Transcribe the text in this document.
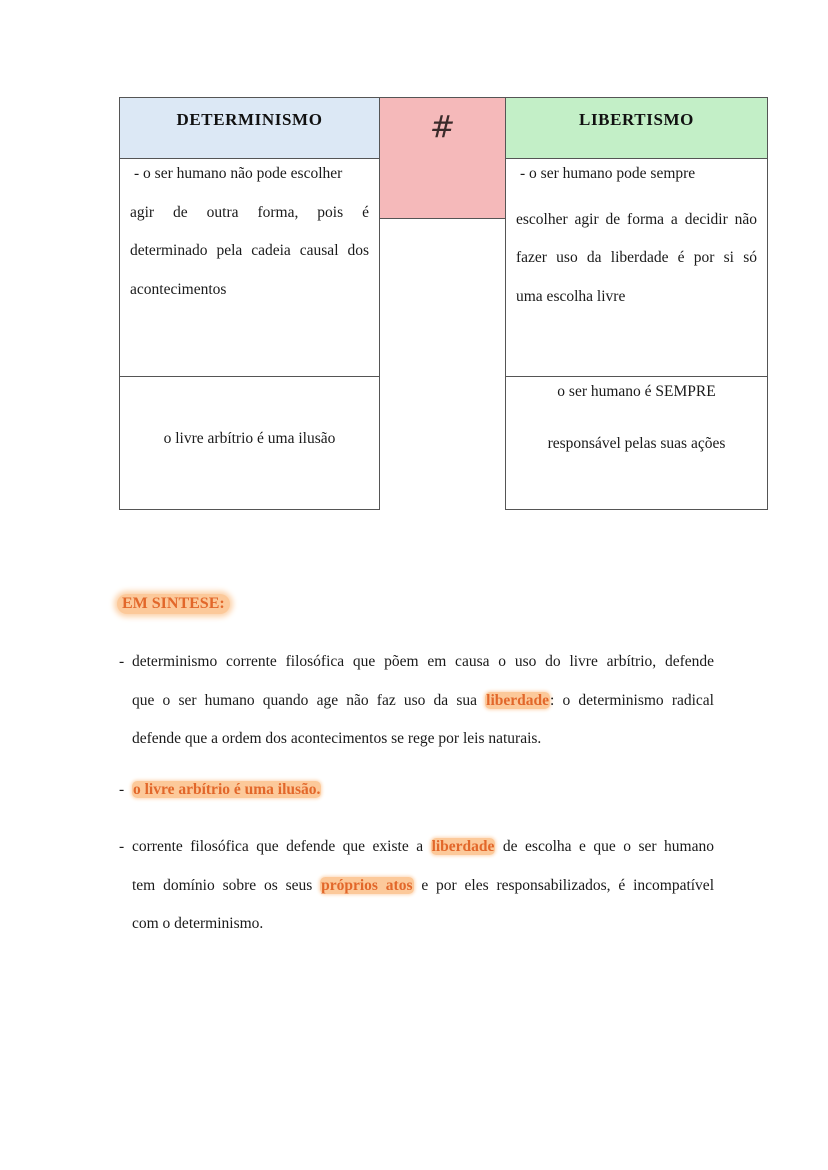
DETERMINISMO	#	LIBERTISMO
- o ser humano não pode escolher
agir de outra forma, pois é
determinado pela cadeia causal dos
acontecimentos
- o ser humano pode sempre
escolher agir de forma a decidir não
fazer uso da liberdade é por si só
uma escolha livre
o livre arbítrio é uma ilusão
o ser humano é SEMPRE
responsável pelas suas ações
EM SINTESE:
- determinismo corrente filosófica que põem em causa o uso do livre arbítrio, defende
que o ser humano quando age não faz uso da sua liberdade: o determinismo radical
defende que a ordem dos acontecimentos se rege por leis naturais.
- o livre arbítrio é uma ilusão.
- corrente filosófica que defende que existe a liberdade de escolha e que o ser humano
tem domínio sobre os seus próprios atos e por eles responsabilizados, é incompatível
com o determinismo.
